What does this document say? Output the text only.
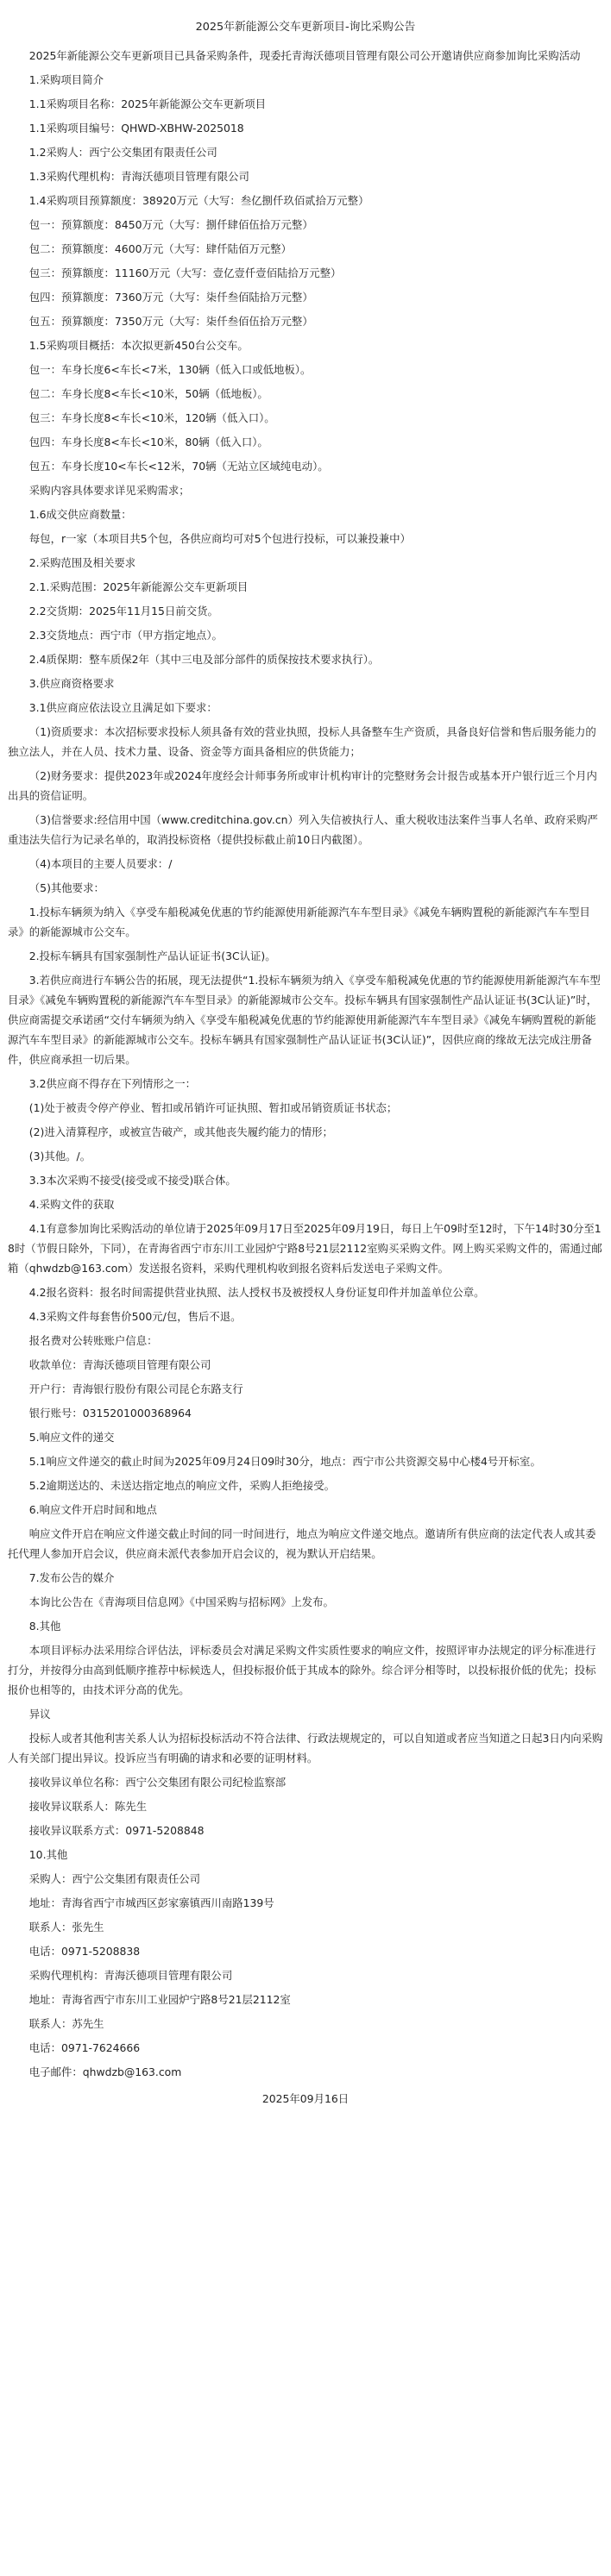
2025年新能源公交车更新项目-询比采购公告

2025年新能源公交车更新项目已具备采购条件，现委托青海沃德项目管理有限公司公开邀请供应商参加询比采购活动

1.采购项目简介

1.1采购项目名称：2025年新能源公交车更新项目

1.1采购项目编号：QHWD-XBHW-2025018

1.2采购人：西宁公交集团有限责任公司

1.3采购代理机构：青海沃德项目管理有限公司

1.4采购项目预算额度：38920万元（大写：叁亿捌仟玖佰贰拾万元整）

包一：预算额度：8450万元（大写：捌仟肆佰伍拾万元整）

包二：预算额度：4600万元（大写：肆仟陆佰万元整）

包三：预算额度：11160万元（大写：壹亿壹仟壹佰陆拾万元整）

包四：预算额度：7360万元（大写：柒仟叁佰陆拾万元整）

包五：预算额度：7350万元（大写：柒仟叁佰伍拾万元整）

1.5采购项目概括：本次拟更新450台公交车。

包一：车身长度6<车长<7米，130辆（低入口或低地板）。

包二：车身长度8<车长<10米，50辆（低地板）。

包三：车身长度8<车长<10米，120辆（低入口）。

包四：车身长度8<车长<10米，80辆（低入口）。

包五：车身长度10<车长<12米，70辆（无站立区域纯电动）。

采购内容具体要求详见采购需求；

1.6成交供应商数量：

每包，r一家（本项目共5个包，各供应商均可对5个包进行投标，可以兼投兼中）

2.采购范围及相关要求

2.1.采购范围：2025年新能源公交车更新项目

2.2交货期：2025年11月15日前交货。

2.3交货地点：西宁市（甲方指定地点）。

2.4质保期：整车质保2年（其中三电及部分部件的质保按技术要求执行）。

3.供应商资格要求

3.1供应商应依法设立且满足如下要求：

（1)资质要求：本次招标要求投标人须具备有效的营业执照，投标人具备整车生产资质，具备良好信誉和售后服务能力的独立法人，并在人员、技术力量、设备、资金等方面具备相应的供货能力；

（2)财务要求：提供2023年或2024年度经会计师事务所或审计机构审计的完整财务会计报告或基本开户银行近三个月内出具的资信证明。

（3)信誉要求:经信用中国（www.creditchina.gov.cn）列入失信被执行人、重大税收违法案件当事人名单、政府采购严重违法失信行为记录名单的，取消投标资格（提供投标截止前10日内截图）。

（4)本项目的主要人员要求：/

（5)其他要求：

1.投标车辆须为纳入《享受车船税减免优惠的节约能源使用新能源汽车车型目录》《减免车辆购置税的新能源汽车车型目录》的新能源城市公交车。

2.投标车辆具有国家强制性产品认证证书(3C认证)。

3.若供应商进行车辆公告的拓展，现无法提供“1.投标车辆须为纳入《享受车船税减免优惠的节约能源使用新能源汽车车型目录》《减免车辆购置税的新能源汽车车型目录》的新能源城市公交车。投标车辆具有国家强制性产品认证证书(3C认证)”时，供应商需提交承诺函“交付车辆须为纳入《享受车船税减免优惠的节约能源使用新能源汽车车型目录》《减免车辆购置税的新能源汽车车型目录》的新能源城市公交车。投标车辆具有国家强制性产品认证证书(3C认证)”，因供应商的缘故无法完成注册备件，供应商承担一切后果。

3.2供应商不得存在下列情形之一：

(1)处于被责令停产停业、暂扣或吊销许可证执照、暂扣或吊销资质证书状态；

(2)进入清算程序，或被宣告破产，或其他丧失履约能力的情形；

(3)其他。/。

3.3本次采购不接受(接受或不接受)联合体。

4.采购文件的获取

4.1有意参加询比采购活动的单位请于2025年09月17日至2025年09月19日，每日上午09时至12时，下午14时30分至18时（节假日除外，下同），在青海省西宁市东川工业园炉宁路8号21层2112室购买采购文件。网上购买采购文件的，需通过邮箱（qhwdzb@163.com）发送报名资料，采购代理机构收到报名资料后发送电子采购文件。

4.2报名资料：报名时间需提供营业执照、法人授权书及被授权人身份证复印件并加盖单位公章。

4.3采购文件每套售价500元/包，售后不退。

报名费对公转账账户信息：

收款单位：青海沃德项目管理有限公司

开户行：青海银行股份有限公司昆仑东路支行

银行账号：0315201000368964

5.响应文件的递交

5.1响应文件递交的截止时间为2025年09月24日09时30分，地点：西宁市公共资源交易中心楼4号开标室。

5.2逾期送达的、未送达指定地点的响应文件，采购人拒绝接受。

6.响应文件开启时间和地点

响应文件开启在响应文件递交截止时间的同一时间进行，地点为响应文件递交地点。邀请所有供应商的法定代表人或其委托代理人参加开启会议，供应商未派代表参加开启会议的，视为默认开启结果。

7.发布公告的媒介

本询比公告在《青海项目信息网》《中国采购与招标网》上发布。

8.其他

本项目评标办法采用综合评估法，评标委员会对满足采购文件实质性要求的响应文件，按照评审办法规定的评分标准进行打分，并按得分由高到低顺序推荐中标候选人，但投标报价低于其成本的除外。综合评分相等时，以投标报价低的优先；投标报价也相等的，由技术评分高的优先。

异议

投标人或者其他利害关系人认为招标投标活动不符合法律、行政法规规定的，可以自知道或者应当知道之日起3日内向采购人有关部门提出异议。投诉应当有明确的请求和必要的证明材料。

接收异议单位名称：西宁公交集团有限公司纪检监察部

接收异议联系人：陈先生

接收异议联系方式：0971-5208848

10.其他

采购人：西宁公交集团有限责任公司

地址：青海省西宁市城西区彭家寨镇西川南路139号

联系人：张先生

电话：0971-5208838

采购代理机构：青海沃德项目管理有限公司

地址：青海省西宁市东川工业园炉宁路8号21层2112室

联系人：苏先生

电话：0971-7624666

电子邮件：qhwdzb@163.com

2025年09月16日
